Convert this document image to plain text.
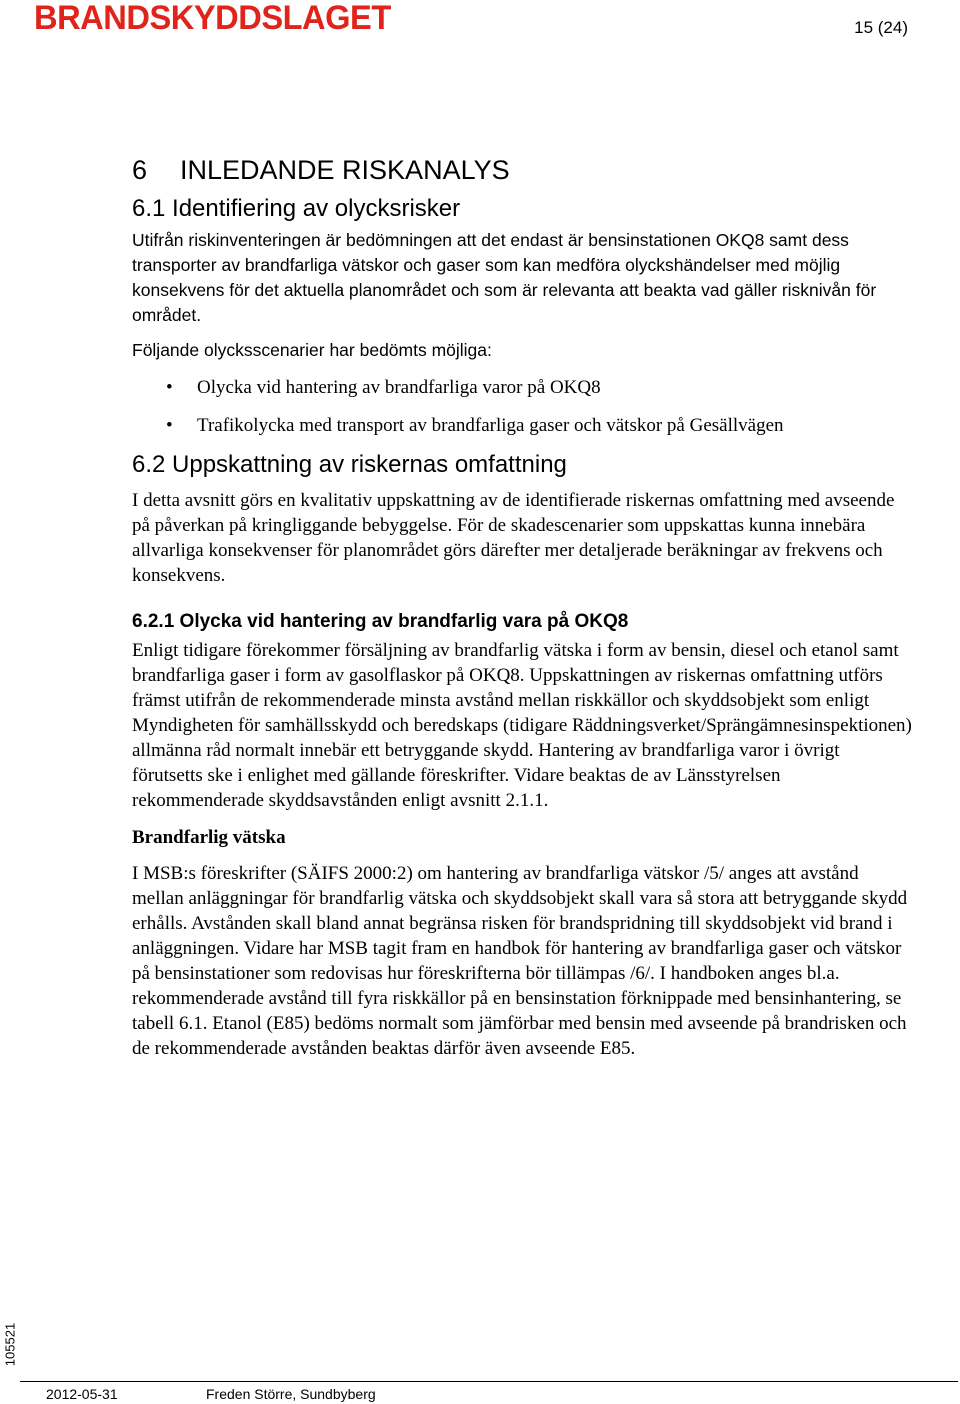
BRANDSKYDDSLAGET	15 (24)
6 INLEDANDE RISKANALYS
6.1 Identifiering av olycksrisker

Utifrån riskinventeringen är bedömningen att det endast är bensinstationen OKQ8 samt dess transporter av brandfarliga vätskor och gaser som kan medföra olyckshändelser med möjlig konsekvens för det aktuella planområdet och som är relevanta att beakta vad gäller risknivån för området.

Följande olycksscenarier har bedömts möjliga:

• Olycka vid hantering av brandfarliga varor på OKQ8
• Trafikolycka med transport av brandfarliga gaser och vätskor på Gesällvägen
6.2 Uppskattning av riskernas omfattning

I detta avsnitt görs en kvalitativ uppskattning av de identifierade riskernas omfattning med avseende på påverkan på kringliggande bebyggelse. För de skadescenarier som uppskattas kunna innebära allvarliga konsekvenser för planområdet görs därefter mer detaljerade beräkningar av frekvens och konsekvens.

6.2.1 Olycka vid hantering av brandfarlig vara på OKQ8

Enligt tidigare förekommer försäljning av brandfarlig vätska i form av bensin, diesel och etanol samt brandfarliga gaser i form av gasolflaskor på OKQ8. Uppskattningen av riskernas omfattning utförs främst utifrån de rekommenderade minsta avstånd mellan riskkällor och skyddsobjekt som enligt Myndigheten för samhällsskydd och beredskaps (tidigare Räddningsverket/Sprängämnesinspektionen) allmänna råd normalt innebär ett betryggande skydd. Hantering av brandfarliga varor i övrigt förutsetts ske i enlighet med gällande föreskrifter. Vidare beaktas de av Länsstyrelsen rekommenderade skyddsavstånden enligt avsnitt 2.1.1.

Brandfarlig vätska

I MSB:s föreskrifter (SÄIFS 2000:2) om hantering av brandfarliga vätskor /5/ anges att avstånd mellan anläggningar för brandfarlig vätska och skyddsobjekt skall vara så stora att betryggande skydd erhålls. Avstånden skall bland annat begränsa risken för brandspridning till skyddsobjekt vid brand i anläggningen. Vidare har MSB tagit fram en handbok för hantering av brandfarliga gaser och vätskor på bensinstationer som redovisas hur föreskrifterna bör tillämpas /6/. I handboken anges bl.a. rekommenderade avstånd till fyra riskkällor på en bensinstation förknippade med bensinhantering, se tabell 6.1. Etanol (E85) bedöms normalt som jämförbar med bensin med avseende på brandrisken och de rekommenderade avstånden beaktas därför även avseende E85.

105521
2012-05-31	Freden Större, Sundbyberg
